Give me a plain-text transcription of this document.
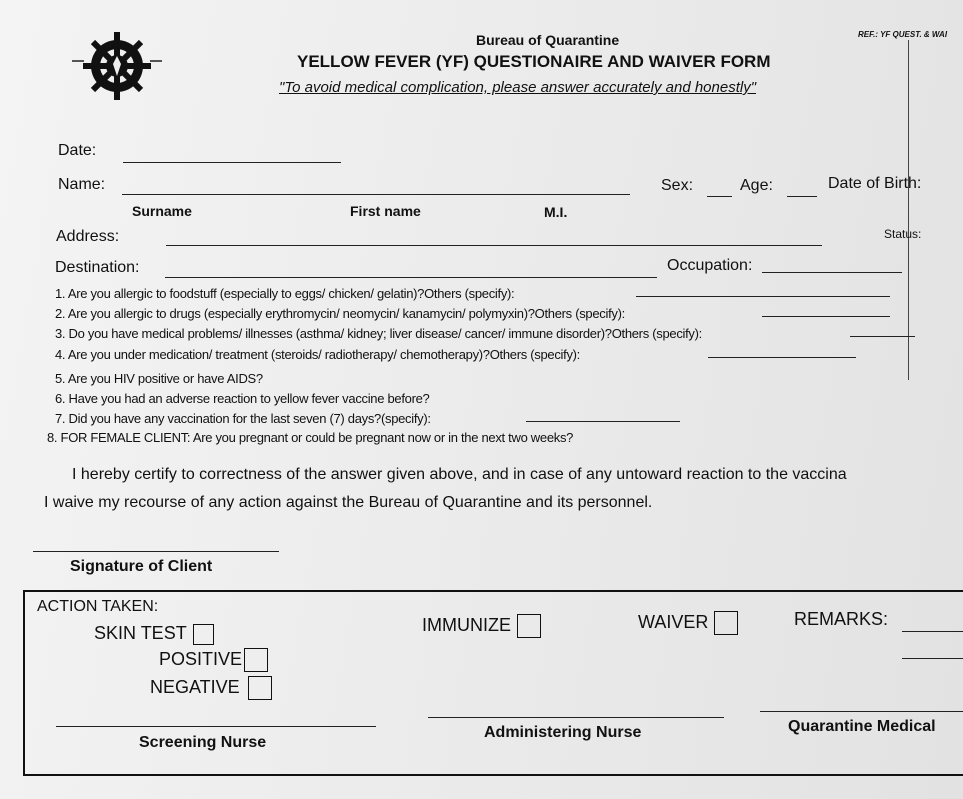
Bureau of Quarantine
YELLOW FEVER (YF) QUESTIONAIRE AND WAIVER FORM
"To avoid medical complication, please answer accurately and honestly"
REF.: YF QUEST. & WAI
Date:
Name:	Sex:	Age:	Date of Birth:
Surname	First name	M.I.
Address:	Status:
Destination:	Occupation:
1. Are you allergic to foodstuff (especially to eggs/ chicken/ gelatin)?Others (specify):
2. Are you allergic to drugs (especially erythromycin/ neomycin/ kanamycin/ polymyxin)?Others (specify):
3. Do you have medical problems/ illnesses (asthma/ kidney; liver disease/ cancer/ immune disorder)?Others (specify):
4. Are you under medication/ treatment (steroids/ radiotherapy/ chemotherapy)?Others (specify):
5. Are you HIV positive or have AIDS?
6. Have you had an adverse reaction to yellow fever vaccine before?
7. Did you have any vaccination for the last seven (7) days?(specify):
8. FOR FEMALE CLIENT: Are you pregnant or could be pregnant now or in the next two weeks?
I hereby certify to correctness of the answer given above, and in case of any untoward reaction to the vaccina
I waive my recourse of any action against the Bureau of Quarantine and its personnel.
Signature of Client
ACTION TAKEN:
SKIN TEST
POSITIVE
NEGATIVE
IMMUNIZE	WAIVER	REMARKS:
Screening Nurse
Administering Nurse	Quarantine Medical
